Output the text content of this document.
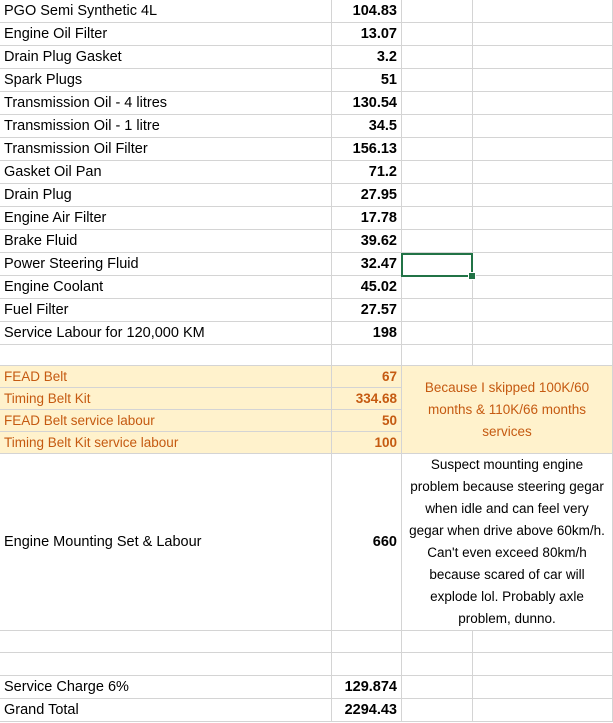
PGO Semi Synthetic 4L	104.83
Engine Oil Filter	13.07
Drain Plug Gasket	3.2
Spark Plugs	51
Transmission Oil - 4 litres	130.54
Transmission Oil - 1 litre	34.5
Transmission Oil Filter	156.13
Gasket Oil Pan	71.2
Drain Plug	27.95
Engine Air Filter	17.78
Brake Fluid	39.62
Power Steering Fluid	32.47
Engine Coolant	45.02
Fuel Filter	27.57
Service Labour for 120,000 KM	198
FEAD Belt	67
Timing Belt Kit	334.68
FEAD Belt service labour	50
Timing Belt Kit service labour	100
Because I skipped 100K/60 months & 110K/66 months services
Engine Mounting Set & Labour	660
Suspect mounting engine problem because steering gegar when idle and can feel very gegar when drive above 60km/h. Can't even exceed 80km/h because scared of car will explode lol. Probably axle problem, dunno.
Service Charge 6%	129.874
Grand Total	2294.43
